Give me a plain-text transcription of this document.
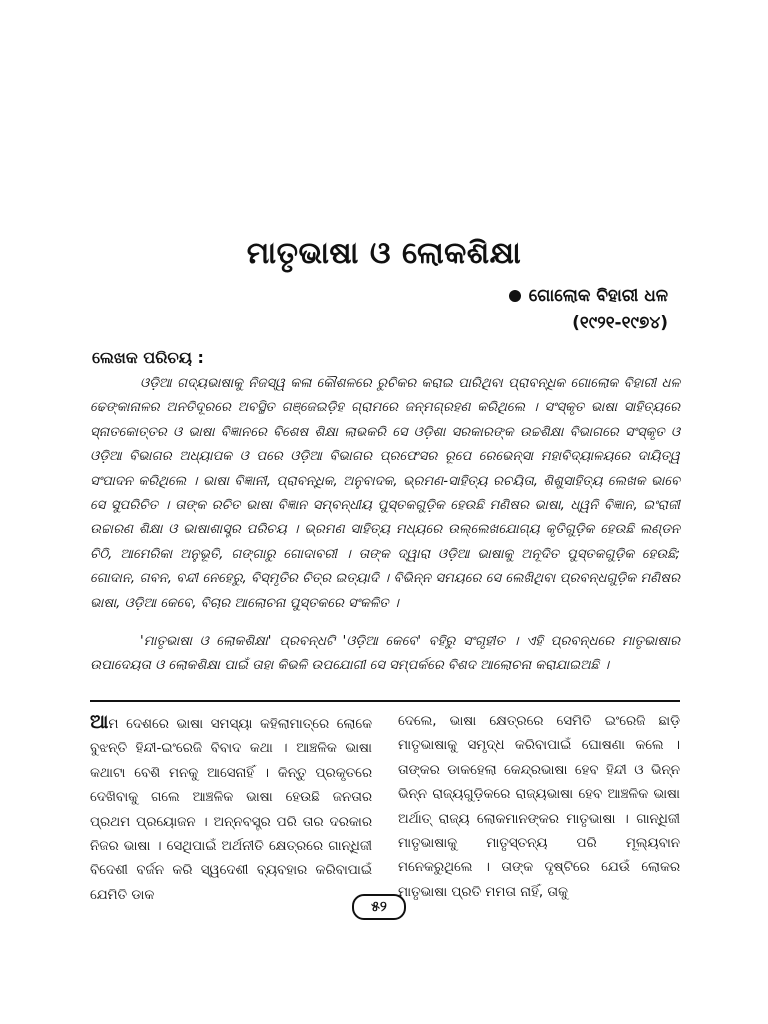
ମାତୃଭାଷା ଓ ଲୋକଶିକ୍ଷା
ଗୋଲୋକ ବିହାରୀ ଧଳ
(୧୯୨୧-୧୯୭୪)
ଲେଖକ ପରିଚୟ :

ଓଡ଼ିଆ ଗଦ୍ୟଭାଷାକୁ ନିଜସ୍ୱ କଳା କୌଶଳରେ ରୁଚିକର କରାଇ ପାରିଥିବା ପ୍ରାବନ୍ଧିକ ଗୋଲୋକ ବିହାରୀ ଧଳ ଢେଙ୍କାନାଳର ଅନତିଦୂରରେ ଅବସ୍ଥିତ ଗଞ୍ଜେଇଡ଼ିହ ଗ୍ରାମରେ ଜନ୍ମଗ୍ରହଣ କରିଥିଲେ । ସଂସ୍କୃତ ଭାଷା ସାହିତ୍ୟରେ ସ୍ନାତକୋତ୍ତର ଓ ଭାଷା ବିଜ୍ଞାନରେ ବିଶେଷ ଶିକ୍ଷା ଲାଭକରି ସେ ଓଡ଼ିଶା ସରକାରଙ୍କ ଉଚ୍ଚଶିକ୍ଷା ବିଭାଗରେ ସଂସ୍କୃତ ଓ ଓଡ଼ିଆ ବିଭାଗର ଅଧ୍ୟାପକ ଓ ପରେ ଓଡ଼ିଆ ବିଭାଗର ପ୍ରଫେସର ରୂପେ ରେଭେନ୍ସା ମହାବିଦ୍ୟାଳୟରେ ଦାୟିତ୍ୱ ସଂପାଦନ କରିଥିଲେ । ଭାଷା ବିଜ୍ଞାନୀ, ପ୍ରାବନ୍ଧିକ, ଅନୁବାଦକ, ଭ୍ରମଣ-ସାହିତ୍ୟ ରଚୟିତା, ଶିଶୁସାହିତ୍ୟ ଲେଖକ ଭାବେ ସେ ସୁପରିଚିତ । ତାଙ୍କ ରଚିତ ଭାଷା ବିଜ୍ଞାନ ସମ୍ବନ୍ଧୀୟ ପୁସ୍ତକଗୁଡ଼ିକ ହେଉଛି ମଣିଷର ଭାଷା, ଧ୍ୱନି ବିଜ୍ଞାନ, ଇଂରାଜୀ ଉଚ୍ଚାରଣ ଶିକ୍ଷା ଓ ଭାଷାଶାସ୍ତ୍ର ପରିଚୟ । ଭ୍ରମଣ ସାହିତ୍ୟ ମଧ୍ୟରେ ଉଲ୍ଲେଖଯୋଗ୍ୟ କୃତିଗୁଡ଼ିକ ହେଉଛି ଲଣ୍ଡନ ଚିଠି, ଆମେରିକା ଅନୁଭୂତି, ଗଙ୍ଗାରୁ ଗୋଦାବରୀ । ତାଙ୍କ ଦ୍ୱାରା ଓଡ଼ିଆ ଭାଷାକୁ ଅନୂଦିତ ପୁସ୍ତକଗୁଡ଼ିକ ହେଉଛି; ଗୋଦାନ, ଗବନ, ବନ୍ଦୀ ନେହେରୁ, ବିସ୍ମୃତିର ଚିତ୍ର ଇତ୍ୟାଦି । ବିଭିନ୍ନ ସମୟରେ ସେ ଲେଖିଥିବା ପ୍ରବନ୍ଧଗୁଡ଼ିକ ମଣିଷର ଭାଷା, ଓଡ଼ିଆ କେବେ, ବିଚାର ଆଲୋଚନା ପୁସ୍ତକରେ ସଂକଳିତ ।

'ମାତୃଭାଷା ଓ ଲୋକଶିକ୍ଷା' ପ୍ରବନ୍ଧଟି 'ଓଡ଼ିଆ କେବେ' ବହିରୁ ସଂଗୃହୀତ । ଏହି ପ୍ରବନ୍ଧରେ ମାତୃଭାଷାର ଉପାଦେୟତା ଓ ଲୋକଶିକ୍ଷା ପାଇଁ ତାହା କିଭଳି ଉପଯୋଗୀ ସେ ସମ୍ପର୍କରେ ବିଶଦ ଆଲୋଚନା କରାଯାଇଅଛି ।

ଆମ ଦେଶରେ ଭାଷା ସମସ୍ୟା କହିଲାମାତ୍ରେ ଲୋକେ ବୁଝନ୍ତି ହିନ୍ଦୀ-ଇଂରେଜି ବିବାଦ କଥା । ଆଞ୍ଚଳିକ ଭାଷା କଥାଟା ବେଶି ମନକୁ ଆସେନାହିଁ । କିନ୍ତୁ ପ୍ରକୃତରେ ଦେଖିବାକୁ ଗଲେ ଆଞ୍ଚଳିକ ଭାଷା ହେଉଛି ଜନତାର ପ୍ରଥମ ପ୍ରୟୋଜନ । ଅନ୍ନବସ୍ତ୍ର ପରି ତାର ଦରକାର ନିଜର ଭାଷା । ସେଥିପାଇଁ ଅର୍ଥନୀତି କ୍ଷେତ୍ରରେ ଗାନ୍ଧିଜୀ ବିଦେଶୀ ବର୍ଜନ କରି ସ୍ୱଦେଶୀ ବ୍ୟବହାର କରିବାପାଇଁ ଯେମିତି ଡାକ

ଦେଲେ, ଭାଷା କ୍ଷେତ୍ରରେ ସେମିତି ଇଂରେଜି ଛାଡ଼ି ମାତୃଭାଷାକୁ ସମୃଦ୍ଧ କରିବାପାଇଁ ଘୋଷଣା କଲେ । ତାଙ୍କର ଡାକହେଲା କେନ୍ଦ୍ରଭାଷା ହେବ ହିନ୍ଦୀ ଓ ଭିନ୍ନ ଭିନ୍ନ ରାଜ୍ୟଗୁଡ଼ିକରେ ରାଜ୍ୟଭାଷା ହେବ ଆଞ୍ଚଳିକ ଭାଷା ଅର୍ଥାତ୍ ରାଜ୍ୟ ଲୋକମାନଙ୍କର ମାତୃଭାଷା । ଗାନ୍ଧିଜୀ ମାତୃଭାଷାକୁ ମାତୃସ୍ତନ୍ୟ ପରି ମୂଲ୍ୟବାନ ମନେକରୁଥିଲେ । ତାଙ୍କ ଦୃଷ୍ଟିରେ ଯେଉଁ ଲୋକର ମାତୃଭାଷା ପ୍ରତି ମମତା ନାହିଁ, ତାକୁ

୫୨
